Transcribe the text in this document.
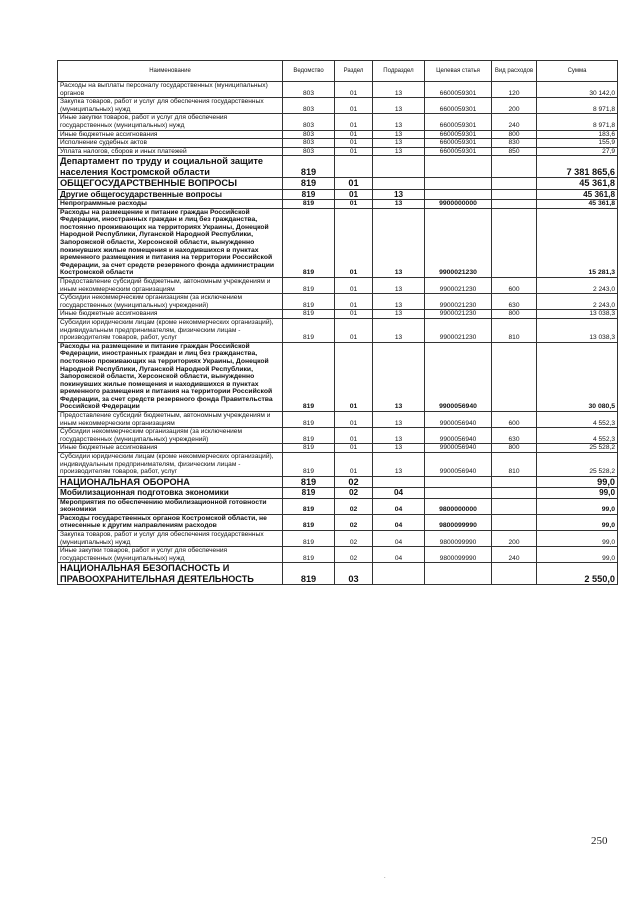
Наименование	Ведомство	Раздел	Подраздел	Целевая статья	Вид расходов	Сумма
Расходы на выплаты персоналу государственных (муниципальных) органов	803	01	13	6600059301	120	30 142,0
Закупка товаров, работ и услуг для обеспечения государственных (муниципальных) нужд	803	01	13	6600059301	200	8 971,8
Иные закупки товаров, работ и услуг для обеспечения государственных (муниципальных) нужд	803	01	13	6600059301	240	8 971,8
Иные бюджетные ассигнования	803	01	13	6600059301	800	183,6
Исполнение судебных актов	803	01	13	6600059301	830	155,9
Уплата налогов, сборов и иных платежей	803	01	13	6600059301	850	27,9
Департамент по труду и социальной защите населения Костромской области	819					7 381 865,6
ОБЩЕГОСУДАРСТВЕННЫЕ ВОПРОСЫ	819	01				45 361,8
Другие общегосударственные вопросы	819	01	13			45 361,8
Непрограммные расходы	819	01	13	9900000000		45 361,8
Расходы на размещение и питание граждан Российской Федерации, иностранных граждан и лиц без гражданства, постоянно проживающих на территориях Украины, Донецкой Народной Республики, Луганской Народной Республики, Запорожской области, Херсонской области, вынужденно покинувших жилые помещения и находившихся в пунктах временного размещения и питания на территории Российской Федерации, за счет средств резервного фонда администрации Костромской области	819	01	13	9900021230		15 281,3
Предоставление субсидий бюджетным, автономным учреждениям и иным некоммерческим организациям	819	01	13	9900021230	600	2 243,0
Субсидии некоммерческим организациям (за исключением государственных (муниципальных) учреждений)	819	01	13	9900021230	630	2 243,0
Иные бюджетные ассигнования	819	01	13	9900021230	800	13 038,3
Субсидии юридическим лицам (кроме некоммерческих организаций), индивидуальным предпринимателям, физическим лицам - производителям товаров, работ, услуг	819	01	13	9900021230	810	13 038,3
Расходы на размещение и питание граждан Российской Федерации, иностранных граждан и лиц без гражданства, постоянно проживающих на территориях Украины, Донецкой Народной Республики, Луганской Народной Республики, Запорожской области, Херсонской области, вынужденно покинувших жилые помещения и находившихся в пунктах временного размещения и питания на территории Российской Федерации, за счет средств резервного фонда Правительства Российской Федерации	819	01	13	9900056940		30 080,5
Предоставление субсидий бюджетным, автономным учреждениям и иным некоммерческим организациям	819	01	13	9900056940	600	4 552,3
Субсидии некоммерческим организациям (за исключением государственных (муниципальных) учреждений)	819	01	13	9900056940	630	4 552,3
Иные бюджетные ассигнования	819	01	13	9900056940	800	25 528,2
Субсидии юридическим лицам (кроме некоммерческих организаций), индивидуальным предпринимателям, физическим лицам - производителям товаров, работ, услуг	819	01	13	9900056940	810	25 528,2
НАЦИОНАЛЬНАЯ ОБОРОНА	819	02				99,0
Мобилизационная подготовка экономики	819	02	04			99,0
Мероприятия по обеспечению мобилизационной готовности экономики	819	02	04	9800000000		99,0
Расходы государственных органов Костромской области, не отнесенные к другим направлениям расходов	819	02	04	9800099990		99,0
Закупка товаров, работ и услуг для обеспечения государственных (муниципальных) нужд	819	02	04	9800099990	200	99,0
Иные закупки товаров, работ и услуг для обеспечения государственных (муниципальных) нужд	819	02	04	9800099990	240	99,0
НАЦИОНАЛЬНАЯ БЕЗОПАСНОСТЬ И ПРАВООХРАНИТЕЛЬНАЯ ДЕЯТЕЛЬНОСТЬ	819	03				2 550,0
250
.
